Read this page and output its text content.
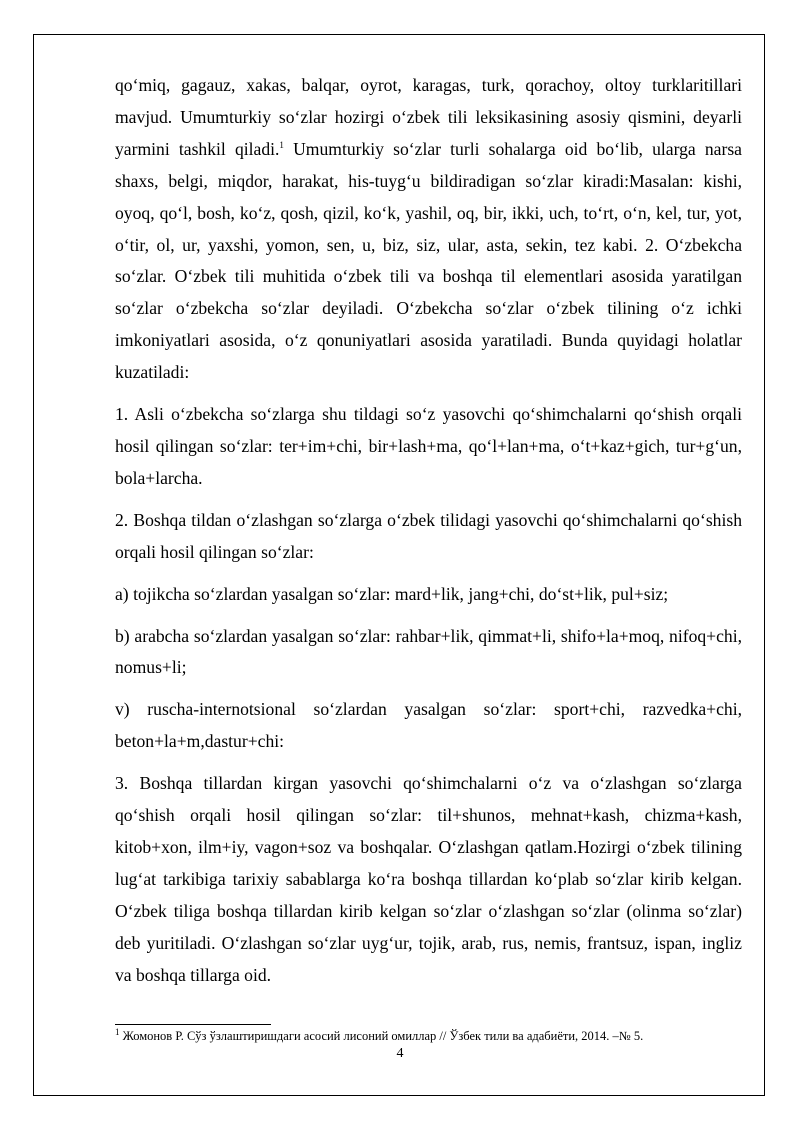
qo‘miq, gagauz, xakas, balqar, oyrot, karagas, turk, qorachoy, oltoy turklaritillari mavjud. Umumturkiy so‘zlar hozirgi o‘zbek tili leksikasining asosiy qismini, deyarli yarmini tashkil qiladi.$^1$ Umumturkiy so‘zlar turli sohalarga oid bo‘lib, ularga narsa shaxs, belgi, miqdor, harakat, his-tuyg‘u bildiradigan so‘zlar kiradi:Masalan: kishi, oyoq, qo‘l, bosh, ko‘z, qosh, qizil, ko‘k, yashil, oq, bir, ikki, uch, to‘rt, o‘n, kel, tur, yot, o‘tir, ol, ur, yaxshi, yomon, sen, u, biz, siz, ular, asta, sekin, tez kabi. 2. O‘zbekcha so‘zlar. O‘zbek tili muhitida o‘zbek tili va boshqa til elementlari asosida yaratilgan so‘zlar o‘zbekcha so‘zlar deyiladi. O‘zbekcha so‘zlar o‘zbek tilining o‘z ichki imkoniyatlari asosida, o‘z qonuniyatlari asosida yaratiladi. Bunda quyidagi holatlar kuzatiladi:

1. Asli o‘zbekcha so‘zlarga shu tildagi so‘z yasovchi qo‘shimchalarni qo‘shish orqali hosil qilingan so‘zlar: ter+im+chi, bir+lash+ma, qo‘l+lan+ma, o‘t+kaz+gich, tur+g‘un, bola+larcha.

2. Boshqa tildan o‘zlashgan so‘zlarga o‘zbek tilidagi yasovchi qo‘shimchalarni qo‘shish orqali hosil qilingan so‘zlar:

a) tojikcha so‘zlardan yasalgan so‘zlar: mard+lik, jang+chi, do‘st+lik, pul+siz;

b) arabcha so‘zlardan yasalgan so‘zlar: rahbar+lik, qimmat+li, shifo+la+moq, nifoq+chi, nomus+li;

v) ruscha-internotsional so‘zlardan yasalgan so‘zlar: sport+chi, razvedka+chi, beton+la+m,dastur+chi:

3. Boshqa tillardan kirgan yasovchi qo‘shimchalarni o‘z va o‘zlashgan so‘zlarga qo‘shish orqali hosil qilingan so‘zlar: til+shunos, mehnat+kash, chizma+kash, kitob+xon, ilm+iy, vagon+soz va boshqalar. O‘zlashgan qatlam.Hozirgi o‘zbek tilining lug‘at tarkibiga tarixiy sabablarga ko‘ra boshqa tillardan ko‘plab so‘zlar kirib kelgan. O‘zbek tiliga boshqa tillardan kirib kelgan so‘zlar o‘zlashgan so‘zlar (olinma so‘zlar) deb yuritiladi. O‘zlashgan so‘zlar uyg‘ur, tojik, arab, rus, nemis, frantsuz, ispan, ingliz va boshqa tillarga oid.

$^1$ Жомонов Р. Сўз ўзлаштиришдаги асосий лисоний омиллар // Ўзбек тили ва адабиёти, 2014. –№ 5.
4
